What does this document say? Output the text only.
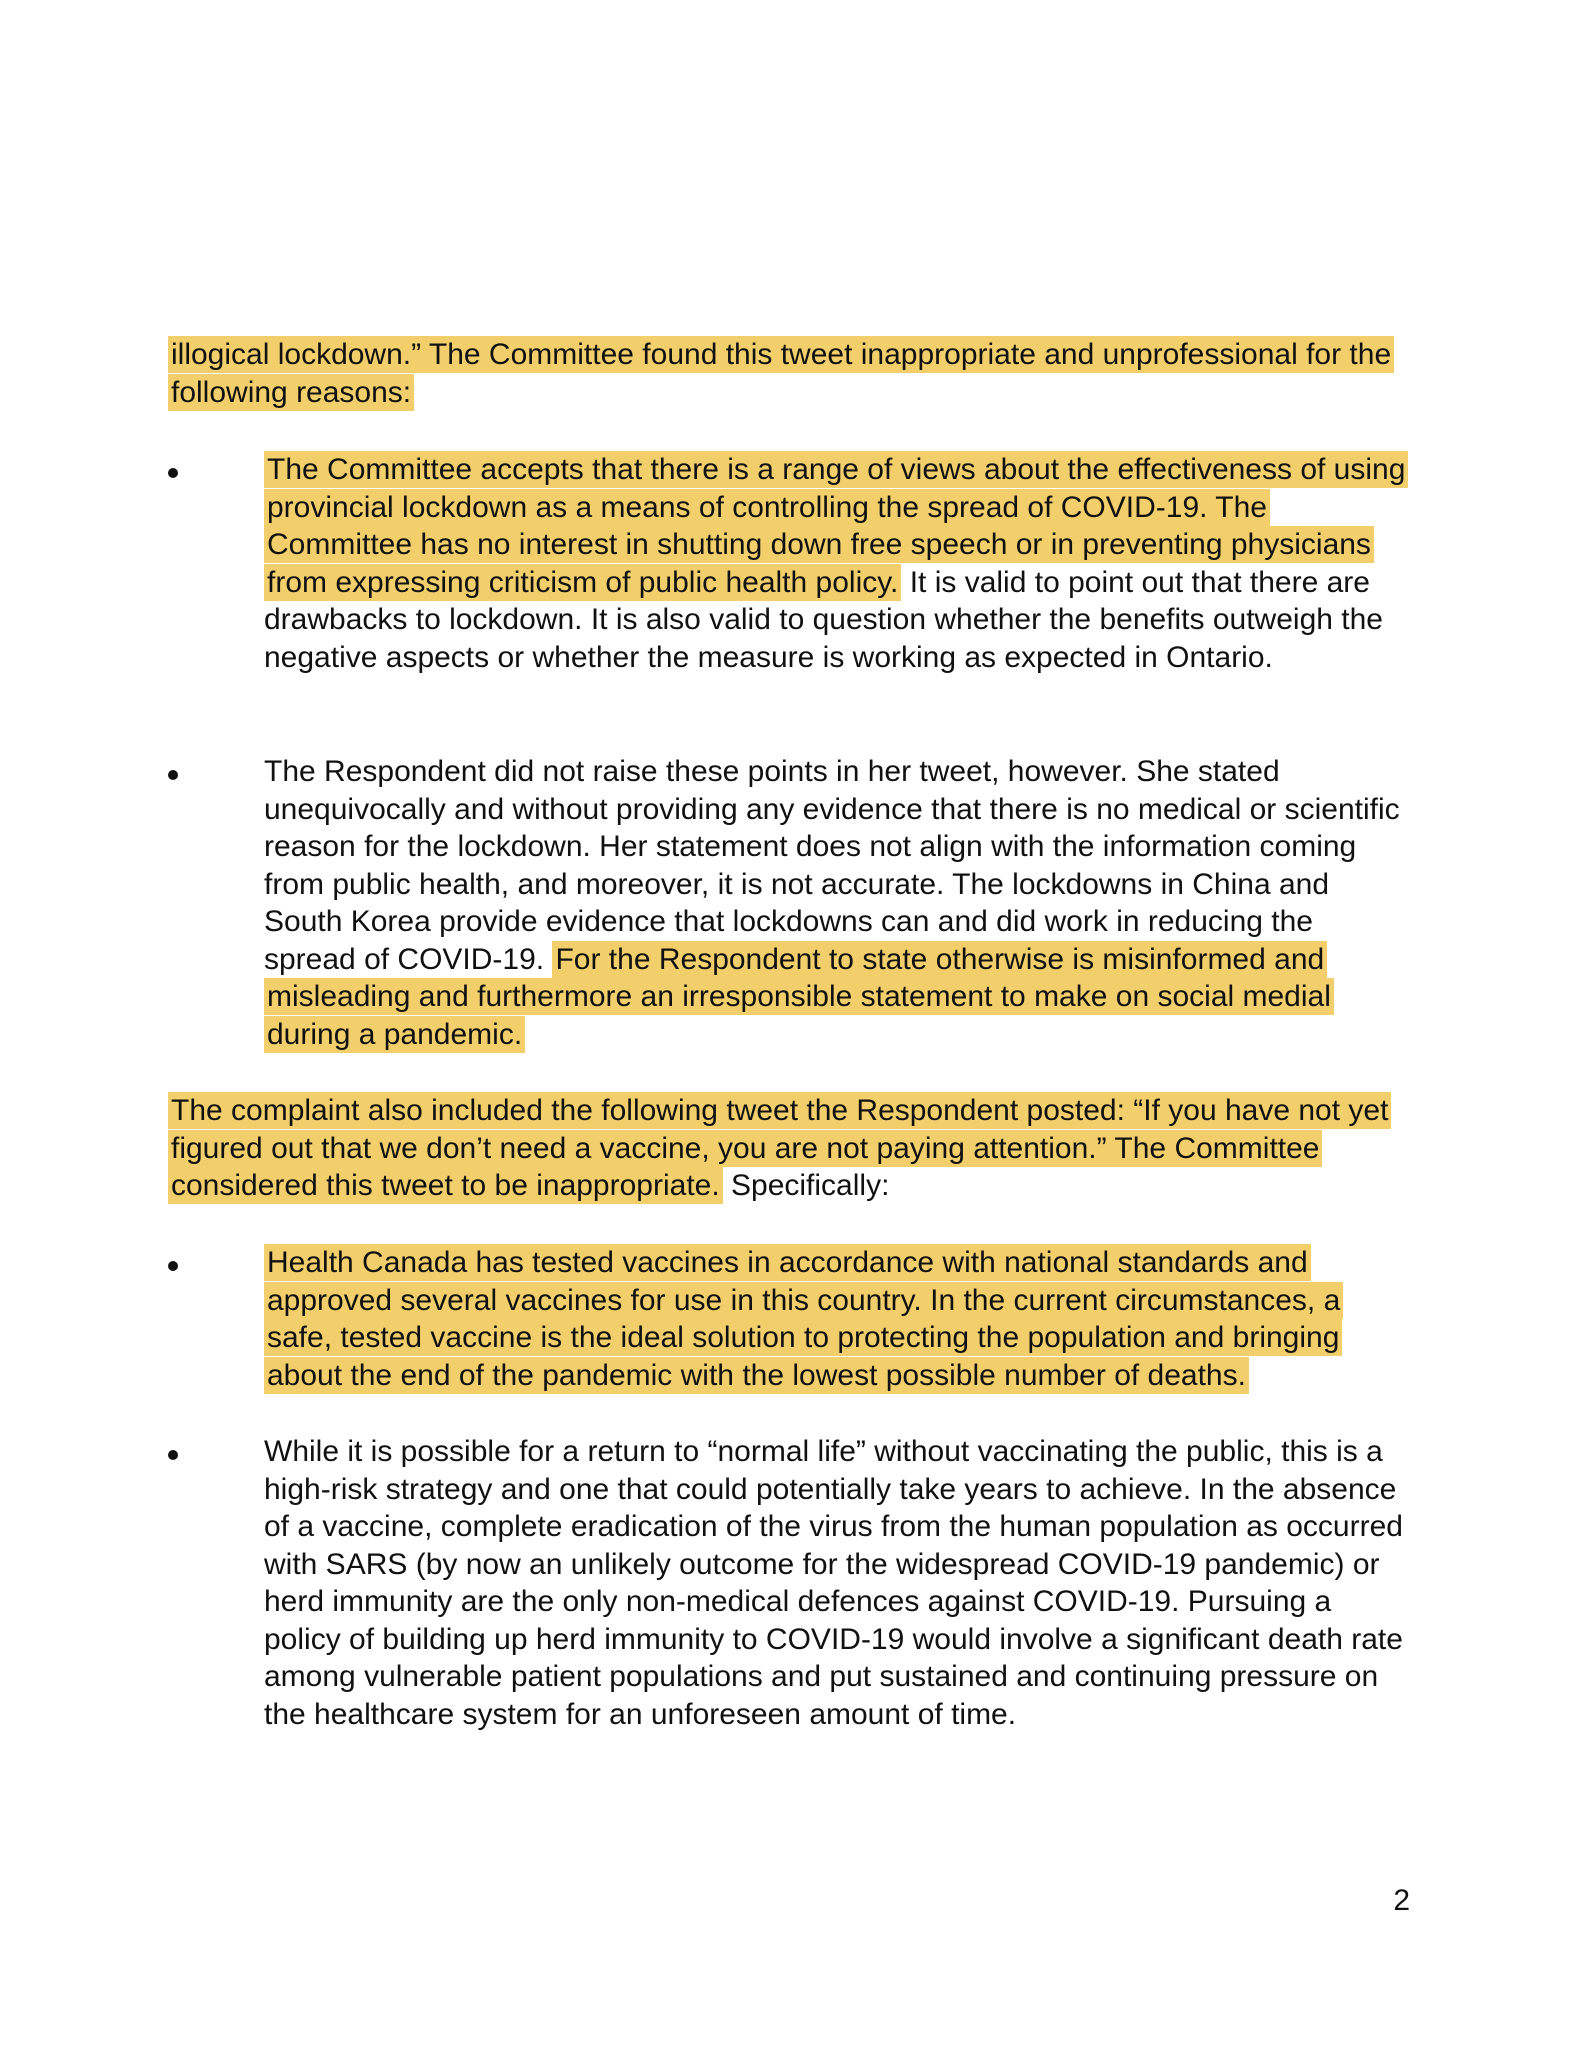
illogical lockdown.” The Committee found this tweet inappropriate and unprofessional for the following reasons:
The Committee accepts that there is a range of views about the effectiveness of using provincial lockdown as a means of controlling the spread of COVID-19. The Committee has no interest in shutting down free speech or in preventing physicians from expressing criticism of public health policy. It is valid to point out that there are drawbacks to lockdown. It is also valid to question whether the benefits outweigh the negative aspects or whether the measure is working as expected in Ontario.
The Respondent did not raise these points in her tweet, however. She stated unequivocally and without providing any evidence that there is no medical or scientific reason for the lockdown. Her statement does not align with the information coming from public health, and moreover, it is not accurate. The lockdowns in China and South Korea provide evidence that lockdowns can and did work in reducing the spread of COVID-19. For the Respondent to state otherwise is misinformed and misleading and furthermore an irresponsible statement to make on social medial during a pandemic.
The complaint also included the following tweet the Respondent posted: “If you have not yet figured out that we don’t need a vaccine, you are not paying attention.” The Committee considered this tweet to be inappropriate. Specifically:
Health Canada has tested vaccines in accordance with national standards and approved several vaccines for use in this country. In the current circumstances, a safe, tested vaccine is the ideal solution to protecting the population and bringing about the end of the pandemic with the lowest possible number of deaths.
While it is possible for a return to “normal life” without vaccinating the public, this is a high-risk strategy and one that could potentially take years to achieve. In the absence of a vaccine, complete eradication of the virus from the human population as occurred with SARS (by now an unlikely outcome for the widespread COVID-19 pandemic) or herd immunity are the only non-medical defences against COVID-19. Pursuing a policy of building up herd immunity to COVID-19 would involve a significant death rate among vulnerable patient populations and put sustained and continuing pressure on the healthcare system for an unforeseen amount of time.
2
